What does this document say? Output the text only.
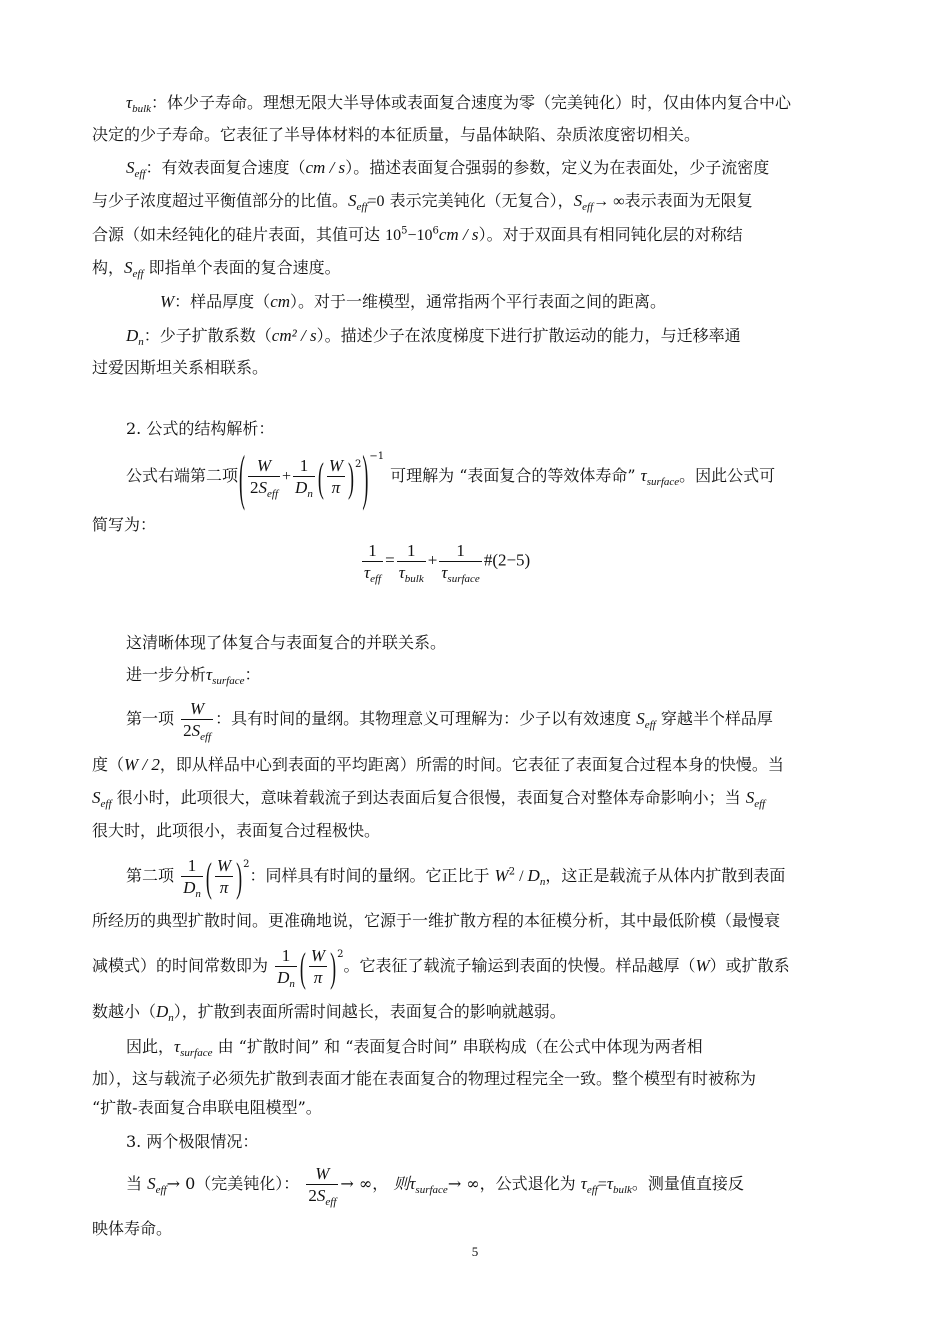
$\tau_{bulk}$：体少子寿命。理想无限大半导体或表面复合速度为零（完美钝化）时，仅由体内复合中心
决定的少子寿命。它表征了半导体材料的本征质量，与晶体缺陷、杂质浓度密切相关。
$S_{eff}$：有效表面复合速度（cm / s）。描述表面复合强弱的参数，定义为在表面处，少子流密度
与少子浓度超过平衡值部分的比值。$S_{eff}=0$ 表示完美钝化（无复合），$S_{eff}\to$ ∞表示表面为无限复
合源（如未经钝化的硅片表面，其值可达 $10^5-10^6cm / s$）。对于双面具有相同钝化层的对称结
构，$S_{eff}$ 即指单个表面的复合速度。
W：样品厚度（cm）。对于一维模型，通常指两个平行表面之间的距离。
$D_n$：少子扩散系数（cm² / s）。描述少子在浓度梯度下进行扩散运动的能力，与迁移率通
过爱因斯坦关系相联系。
2. 公式的结构解析：
公式右端第二项( $\frac{W}{2S_{eff}} + \frac{1}{D_n}$ ( $\frac{W}{\pi} )^2)^{-1}$可理解为 “表面复合的等效体寿命” $\tau_{surface}$。因此公式可
简写为：
$\frac{1}{\tau_{eff}} = \frac{1}{\tau_{bulk}} + \frac{1}{\tau_{surface}}$ #(2−5)
这清晰体现了体复合与表面复合的并联关系。
进一步分析$\tau_{surface}$：
第一项 $\frac{W}{2S_{eff}}$ ：具有时间的量纲。其物理意义可理解为：少子以有效速度 $S_{eff}$ 穿越半个样品厚
度（W / 2，即从样品中心到表面的平均距离）所需的时间。它表征了表面复合过程本身的快慢。当
$S_{eff}$ 很小时，此项很大，意味着载流子到达表面后复合很慢，表面复合对整体寿命影响小；当 $S_{eff}$
很大时，此项很小，表面复合过程极快。
第二项 $\frac{1}{D_n}$ ( $\frac{W}{\pi} )^2$：同样具有时间的量纲。它正比于 $W^2 / D_n$，这正是载流子从体内扩散到表面
所经历的典型扩散时间。更准确地说，它源于一维扩散方程的本征模分析，其中最低阶模（最慢衰
减模式）的时间常数即为 $\frac{1}{D_n}$ ( $\frac{W}{\pi} )^2$。它表征了载流子输运到表面的快慢。样品越厚（W）或扩散系
数越小$(D_n)$，扩散到表面所需时间越长，表面复合的影响就越弱。
因此，$\tau_{surface}$ 由 “扩散时间” 和 “表面复合时间” 串联构成（在公式中体现为两者相
加），这与载流子必须先扩散到表面才能在表面复合的物理过程完全一致。整个模型有时被称为
“扩散-表面复合串联电阻模型”。
3. 两个极限情况：
当 $S_{eff}\to 0$（完美钝化）： $\frac{W}{2S_{eff}}$ → ∞， 则$\tau_{surface}\to$ ∞，公式退化为 $\tau_{eff}=\tau_{bulk}$。测量值直接反
映体寿命。
5
